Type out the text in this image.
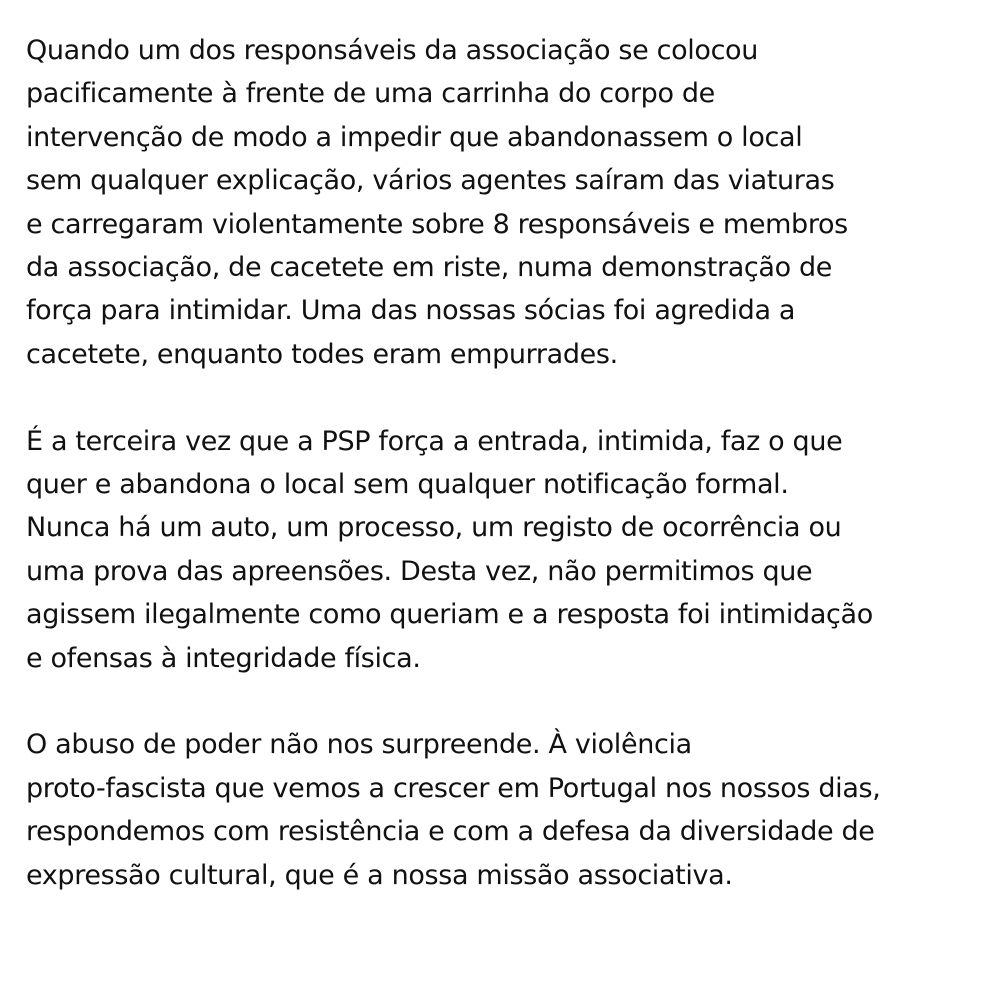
Quando um dos responsáveis da associação se colocou
pacificamente à frente de uma carrinha do corpo de
intervenção de modo a impedir que abandonassem o local
sem qualquer explicação, vários agentes saíram das viaturas
e carregaram violentamente sobre 8 responsáveis e membros
da associação, de cacetete em riste, numa demonstração de
força para intimidar. Uma das nossas sócias foi agredida a
cacetete, enquanto todes eram empurrades.

É a terceira vez que a PSP força a entrada, intimida, faz o que
quer e abandona o local sem qualquer notificação formal.
Nunca há um auto, um processo, um registo de ocorrência ou
uma prova das apreensões. Desta vez, não permitimos que
agissem ilegalmente como queriam e a resposta foi intimidação
e ofensas à integridade física.

O abuso de poder não nos surpreende. À violência
proto-fascista que vemos a crescer em Portugal nos nossos dias,
respondemos com resistência e com a defesa da diversidade de
expressão cultural, que é a nossa missão associativa.
